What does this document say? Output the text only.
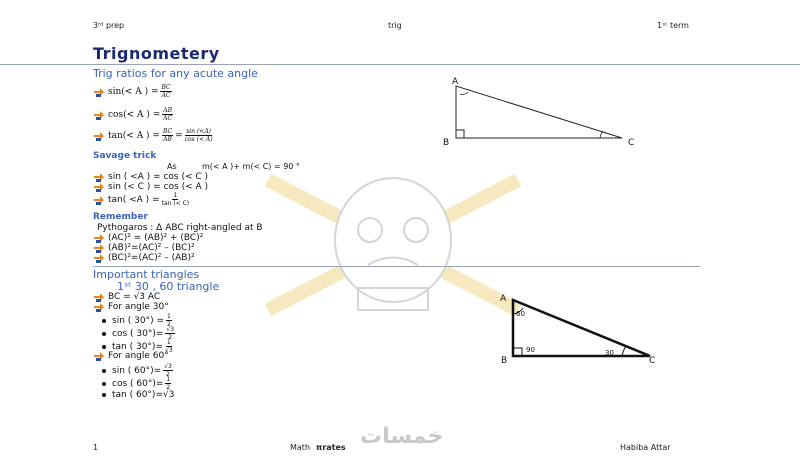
3ʳᵈ prep	trig	1ˢᵗ term
Trignometery
Trig ratios for any acute angle
sin(< A ) = $\frac{BC}{AC}$
cos(< A ) = $\frac{AB}{AC}$
tan(< A ) = $\frac{BC}{AB} = \frac{\sin (<A)}{\cos (< A)}$
A
B	C
Savage trick
As	m(< A )+ m(< C) = 90 °
sin ( <A ) = cos (< C )
sin (< C ) = cos (< A )
tan( <A ) = $\frac{1}{\tan (< C)}$
Remember
Pythogaros : Δ ABC right-angled at B
(AC)² = (AB)² + (BC)²
(AB)²=(AC)² – (BC)²
(BC)²=(AC)² – (AB)²
Important triangles
1ˢᵗ 30 , 60 triangle
BC = √3 AC
For angle 30°
sin ( $30^\circ) = \frac{1}{2}$
cos ( $30^\circ)= \frac{√3}{2}$
tan ( $30^\circ)= \frac{1}{√3}$
For angle 60°
sin ( $60^\circ)= \frac{√3}{2}$
cos ( $60^\circ)= \frac{1}{2}$
tan ( 60°)=√3
A
B	C
60
90	30
1	Math πrates	Habiba Attar
خمسات
